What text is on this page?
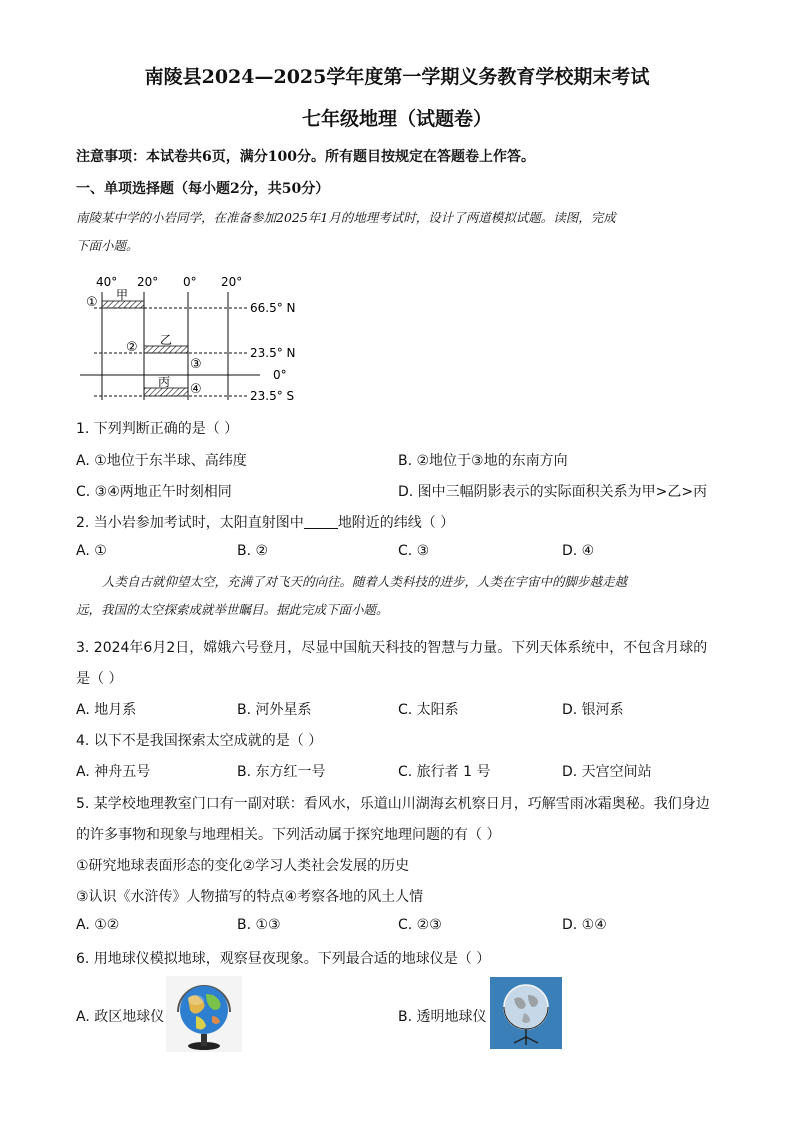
南陵县2024—2025学年度第一学期义务教育学校期末考试
七年级地理（试题卷）
注意事项：本试卷共6页，满分100分。所有题目按规定在答题卷上作答。
一、单项选择题（每小题2分，共50分）
南陵某中学的小岩同学，在准备参加2025年1月的地理考试时，设计了两道模拟试题。读图，完成
下面小题。
40° 20° 0° 20°
甲
乙
丙
①
②
③
④
66.5° N
23.5° N
0°
23.5° S
1. 下列判断正确的是（ ）
A. ①地位于东半球、高纬度	B. ②地位于③地的东南方向
C. ③④两地正午时刻相同	D. 图中三幅阴影表示的实际面积关系为甲>乙>丙
2. 当小岩参加考试时，太阳直射图中 地附近的纬线（ ）
A. ①	B. ②	C. ③	D. ④
人类自古就仰望太空，充满了对飞天的向往。随着人类科技的进步，人类在宇宙中的脚步越走越
远，我国的太空探索成就举世瞩目。据此完成下面小题。
3. 2024年6月2日，嫦娥六号登月，尽显中国航天科技的智慧与力量。下列天体系统中，不包含月球的
是（ ）
A. 地月系	B. 河外星系	C. 太阳系	D. 银河系
4. 以下不是我国探索太空成就的是（ ）
A. 神舟五号	B. 东方红一号	C. 旅行者 1 号	D. 天宫空间站
5. 某学校地理教室门口有一副对联：看风水，乐道山川湖海玄机察日月，巧解雪雨冰霜奥秘。我们身边
的许多事物和现象与地理相关。下列活动属于探究地理问题的有（ ）
①研究地球表面形态的变化②学习人类社会发展的历史
③认识《水浒传》人物描写的特点④考察各地的风土人情
A. ①②	B. ①③	C. ②③	D. ①④
6. 用地球仪模拟地球，观察昼夜现象。下列最合适的地球仪是（ ）
A. 政区地球仪	B. 透明地球仪
